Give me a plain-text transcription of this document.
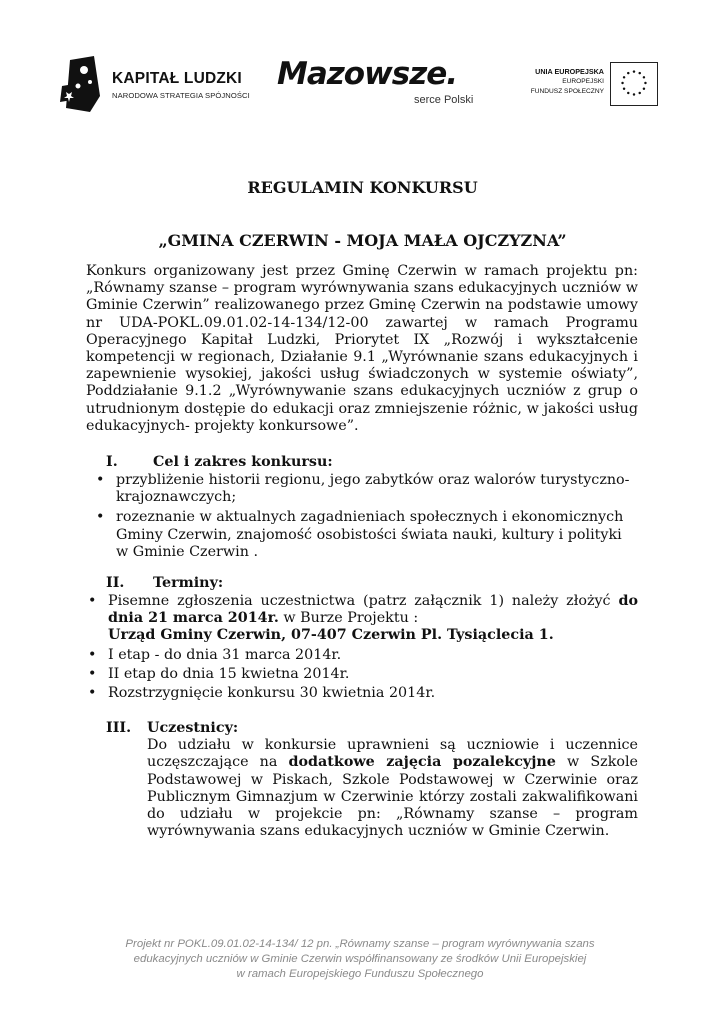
KAPITAŁ LUDZKI
NARODOWA STRATEGIA SPÓJNOŚCI
Mazowsze.
serce Polski
UNIA EUROPEJSKA
EUROPEJSKI
FUNDUSZ SPOŁECZNY
REGULAMIN KONKURSU
„GMINA CZERWIN - MOJA MAŁA OJCZYZNA”

Konkurs organizowany jest przez Gminę Czerwin w ramach projektu pn: „Równamy szanse – program wyrównywania szans edukacyjnych uczniów w Gminie Czerwin” realizowanego przez Gminę Czerwin na podstawie umowy nr UDA-POKL.09.01.02-14-134/12-00 zawartej w ramach Programu Operacyjnego Kapitał Ludzki, Priorytet IX „Rozwój i wykształcenie kompetencji w regionach, Działanie 9.1 „Wyrównanie szans edukacyjnych i zapewnienie wysokiej, jakości usług świadczonych w systemie oświaty”, Poddziałanie 9.1.2 „Wyrównywanie szans edukacyjnych uczniów z grup o utrudnionym dostępie do edukacji oraz zmniejszenie różnic, w jakości usług edukacyjnych- projekty konkursowe”.

I. Cel i zakres konkursu:
• przybliżenie historii regionu, jego zabytków oraz walorów turystyczno-krajoznawczych;
• rozeznanie w aktualnych zagadnieniach społecznych i ekonomicznych Gminy Czerwin, znajomość osobistości świata nauki, kultury i polityki w Gminie Czerwin .
II. Terminy:
• Pisemne zgłoszenia uczestnictwa (patrz załącznik 1) należy złożyć do dnia 21 marca 2014r. w Burze Projektu :
Urząd Gminy Czerwin, 07-407 Czerwin Pl. Tysiąclecia 1.
• I etap - do dnia 31 marca 2014r.
• II etap do dnia 15 kwietna 2014r.
• Rozstrzygnięcie konkursu 30 kwietnia 2014r.
III. Uczestnicy:

Do udziału w konkursie uprawnieni są uczniowie i uczennice uczęszczające na dodatkowe zajęcia pozalekcyjne w Szkole Podstawowej w Piskach, Szkole Podstawowej w Czerwinie oraz Publicznym Gimnazjum w Czerwinie którzy zostali zakwalifikowani do udziału w projekcie pn: „Równamy szanse – program wyrównywania szans edukacyjnych uczniów w Gminie Czerwin.

Projekt nr POKL.09.01.02-14-134/ 12 pn. „Równamy szanse – program wyrównywania szans
edukacyjnych uczniów w Gminie Czerwin współfinansowany ze środków Unii Europejskiej
w ramach Europejskiego Funduszu Społecznego
